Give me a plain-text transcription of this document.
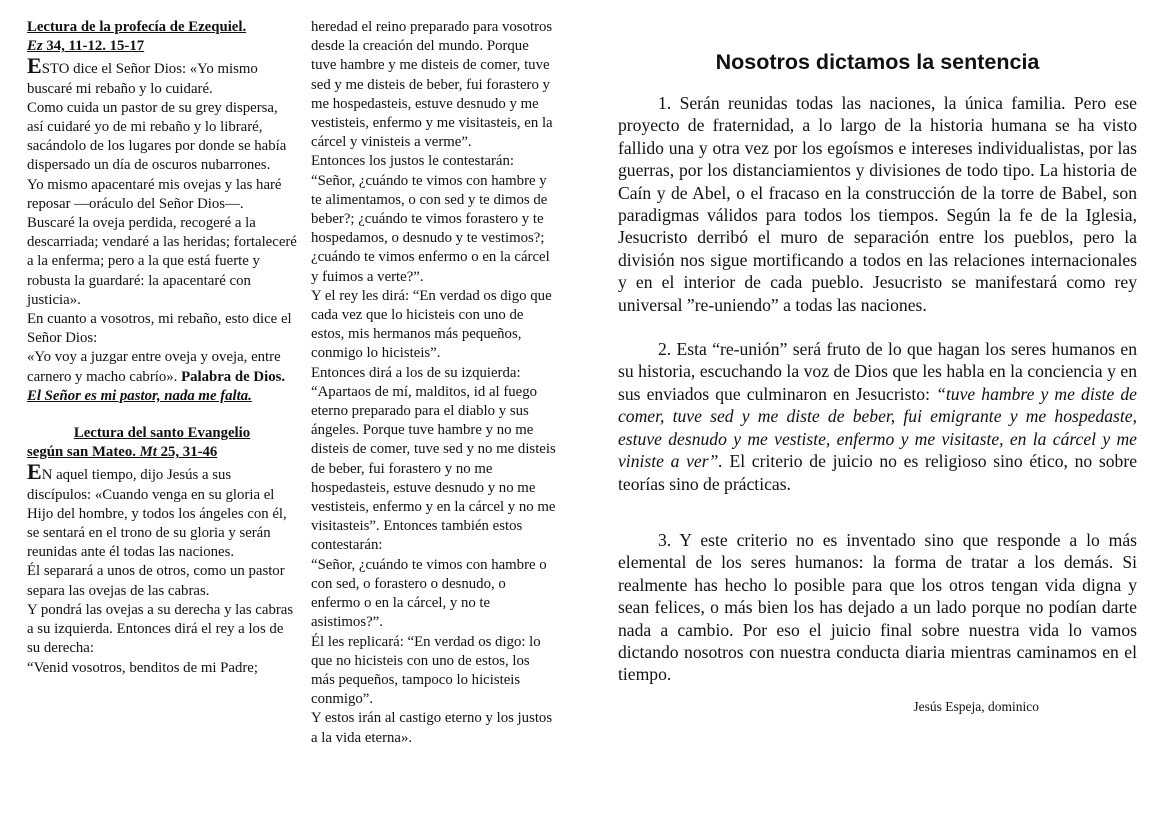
Lectura de la profecía de Ezequiel.
Ez 34, 11-12. 15-17

ESTO dice el Señor Dios: «Yo mismo buscaré mi rebaño y lo cuidaré.

Como cuida un pastor de su grey dispersa, así cuidaré yo de mi rebaño y lo libraré,

sacándolo de los lugares por donde se había dispersado un día de oscuros nubarrones.

Yo mismo apacentaré mis ovejas y las haré reposar —oráculo del Señor Dios—.

Buscaré la oveja perdida, recogeré a la descarriada; vendaré a las heridas; fortaleceré a la enferma; pero a la que está fuerte y robusta la guardaré: la apacentaré con justicia».

En cuanto a vosotros, mi rebaño, esto dice el Señor Dios:

«Yo voy a juzgar entre oveja y oveja, entre carnero y macho cabrío». Palabra de Dios.

El Señor es mi pastor, nada me falta.

Lectura del santo Evangelio

según san Mateo. Mt 25, 31-46

EN aquel tiempo, dijo Jesús a sus discípulos: «Cuando venga en su gloria el Hijo del hombre, y todos los ángeles con él, se sentará en el trono de su gloria y serán reunidas ante él todas las naciones.

Él separará a unos de otros, como un pastor separa las ovejas de las cabras.

Y pondrá las ovejas a su derecha y las cabras a su izquierda. Entonces dirá el rey a los de su derecha:

“Venid vosotros, benditos de mi Padre;

heredad el reino preparado para vosotros desde la creación del mundo. Porque tuve hambre y me disteis de comer, tuve sed y me disteis de beber, fui forastero y me hospedasteis, estuve desnudo y me vestisteis, enfermo y me visitasteis, en la cárcel y vinisteis a verme”.

Entonces los justos le contestarán:

“Señor, ¿cuándo te vimos con hambre y te alimentamos, o con sed y te dimos de beber?; ¿cuándo te vimos forastero y te hospedamos, o desnudo y te vestimos?; ¿cuándo te vimos enfermo o en la cárcel y fuimos a verte?”.

Y el rey les dirá: “En verdad os digo que cada vez que lo hicisteis con uno de estos, mis hermanos más pequeños, conmigo lo hicisteis”.

Entonces dirá a los de su izquierda: “Apartaos de mí, malditos, id al fuego eterno preparado para el diablo y sus ángeles. Porque tuve hambre y no me disteis de comer, tuve sed y no me disteis de beber, fui forastero y no me hospedasteis, estuve desnudo y no me vestisteis, enfermo y en la cárcel y no me visitasteis”. Entonces también estos contestarán:

“Señor, ¿cuándo te vimos con hambre o con sed, o forastero o desnudo, o enfermo o en la cárcel, y no te asistimos?”.

Él les replicará: “En verdad os digo: lo que no hicisteis con uno de estos, los más pequeños, tampoco lo hicisteis conmigo”.

Y estos irán al castigo eterno y los justos a la vida eterna».

Nosotros dictamos la sentencia

1. Serán reunidas todas las naciones, la única familia. Pero ese proyecto de fraternidad, a lo largo de la historia humana se ha visto fallido una y otra vez por los egoísmos e intereses individualistas, por las guerras, por los distanciamientos y divisiones de todo tipo. La historia de Caín y de Abel, o el fracaso en la construcción de la torre de Babel, son paradigmas válidos para todos los tiempos. Según la fe de la Iglesia, Jesucristo derribó el muro de separación entre los pueblos, pero la división nos sigue mortificando a todos en las relaciones internacionales y en el interior de cada pueblo. Jesucristo se manifestará como rey universal ”re-uniendo” a todas las naciones.

2. Esta “re-unión” será fruto de lo que hagan los seres humanos en su historia, escuchando la voz de Dios que les habla en la conciencia y en sus enviados que culminaron en Jesucristo: “tuve hambre y me diste de comer, tuve sed y me diste de beber, fui emigrante y me hospedaste, estuve desnudo y me vestiste, enfermo y me visitaste, en la cárcel y me viniste a ver”. El criterio de juicio no es religioso sino ético, no sobre teorías sino de prácticas.

3. Y este criterio no es inventado sino que responde a lo más elemental de los seres humanos: la forma de tratar a los demás. Si realmente has hecho lo posible para que los otros tengan vida digna y sean felices, o más bien los has dejado a un lado porque no podían darte nada a cambio. Por eso el juicio final sobre nuestra vida lo vamos dictando nosotros con nuestra conducta diaria mientras caminamos en el tiempo.

Jesús Espeja, dominico
